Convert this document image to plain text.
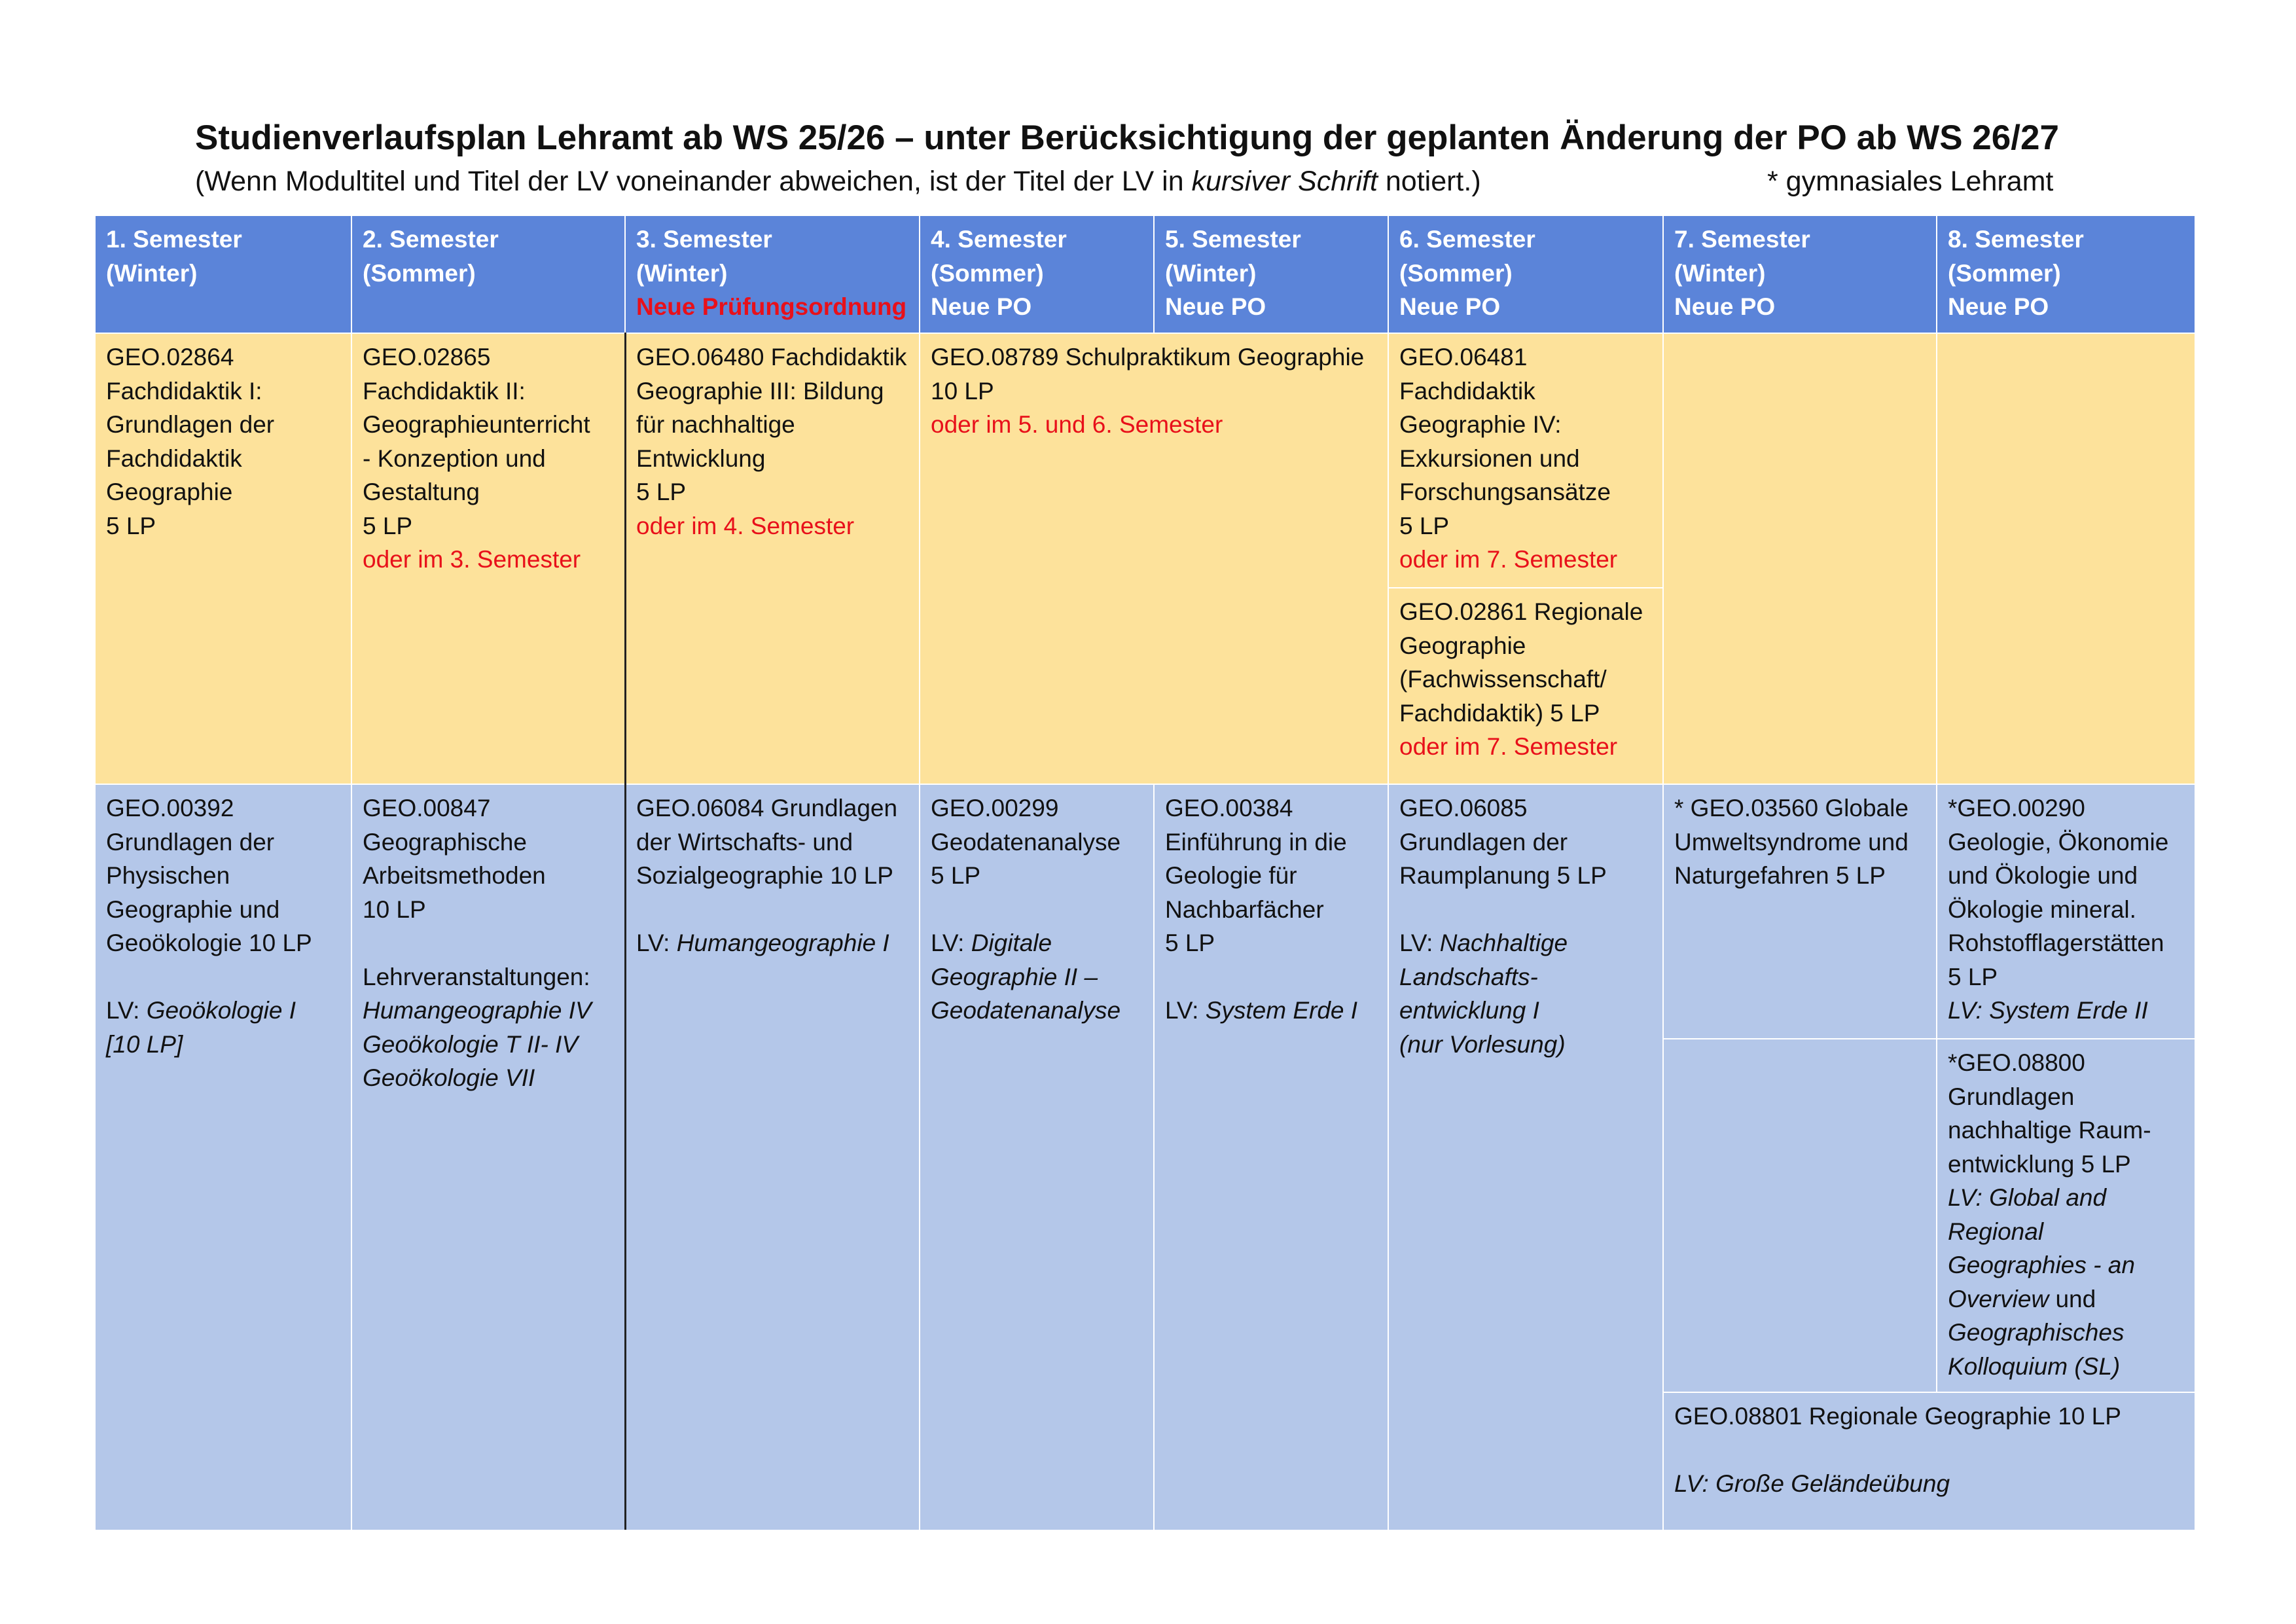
Studienverlaufsplan Lehramt ab WS 25/26 – unter Berücksichtigung der geplanten Änderung der PO ab WS 26/27
(Wenn Modultitel und Titel der LV voneinander abweichen, ist der Titel der LV in kursiver Schrift notiert.)	* gymnasiales Lehramt
1. Semester
(Winter)
2. Semester
(Sommer)
3. Semester
(Winter)
Neue Prüfungsordnung
4. Semester
(Sommer)
Neue PO
5. Semester
(Winter)
Neue PO
6. Semester
(Sommer)
Neue PO
7. Semester
(Winter)
Neue PO
8. Semester
(Sommer)
Neue PO
GEO.02864
Fachdidaktik I:
Grundlagen der
Fachdidaktik
Geographie
5 LP
GEO.02865
Fachdidaktik II:
Geographieunterricht
- Konzeption und
Gestaltung
5 LP
oder im 3. Semester
GEO.06480 Fachdidaktik
Geographie III: Bildung
für nachhaltige
Entwicklung
5 LP
oder im 4. Semester
GEO.08789 Schulpraktikum Geographie
10 LP
oder im 5. und 6. Semester
GEO.06481
Fachdidaktik
Geographie IV:
Exkursionen und
Forschungsansätze
5 LP
oder im 7. Semester
GEO.02861 Regionale
Geographie
(Fachwissenschaft/
Fachdidaktik) 5 LP
oder im 7. Semester
GEO.00392
Grundlagen der
Physischen
Geographie und
Geoökologie 10 LP

LV: Geoökologie I
[10 LP]
GEO.00847
Geographische
Arbeitsmethoden
10 LP

Lehrveranstaltungen:
Humangeographie IV
Geoökologie T II- IV
Geoökologie VII
GEO.06084 Grundlagen
der Wirtschafts- und
Sozialgeographie 10 LP

LV: Humangeographie I
GEO.00299
Geodatenanalyse
5 LP

LV: Digitale
Geographie II –
Geodatenanalyse
GEO.00384
Einführung in die
Geologie für
Nachbarfächer
5 LP

LV: System Erde I
GEO.06085
Grundlagen der
Raumplanung 5 LP

LV: Nachhaltige
Landschafts-
entwicklung I
(nur Vorlesung)
* GEO.03560 Globale
Umweltsyndrome und
Naturgefahren 5 LP
*GEO.00290
Geologie, Ökonomie
und Ökologie und
Ökologie mineral.
Rohstofflagerstätten
5 LP
LV: System Erde II
*GEO.08800
Grundlagen
nachhaltige Raum-
entwicklung 5 LP
LV: Global and
Regional
Geographies - an
Overview und
Geographisches
Kolloquium (SL)
GEO.08801 Regionale Geographie 10 LP

LV: Große Geländeübung
